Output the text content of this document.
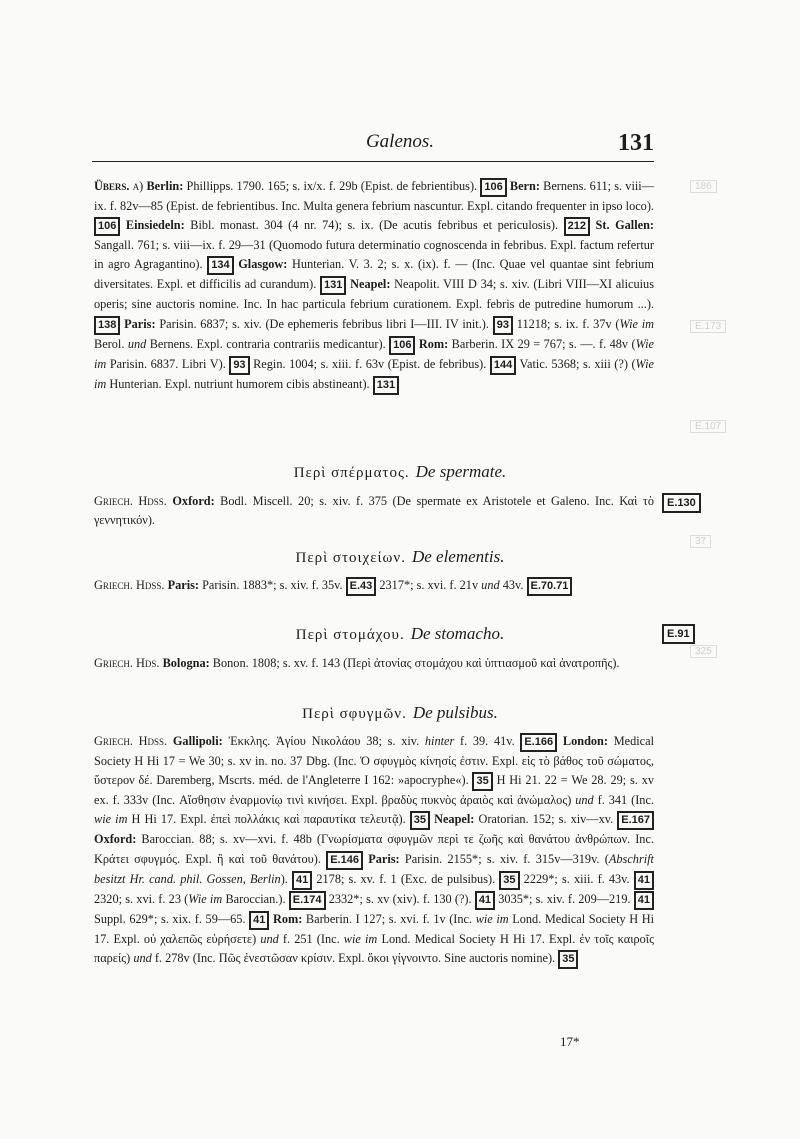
186
E.173
E.107
37
325
Galenos.	131
Übers. a) Berlin: Phillipps. 1790. 165; s. ix/x. f. 29b (Epist. de febrientibus). 106 Bern: Bernens. 611; s. viii—ix. f. 82v—85 (Epist. de febrientibus. Inc. Multa genera febrium nascuntur. Expl. citando frequenter in ipso loco). 106 Einsiedeln: Bibl. monast. 304 (4 nr. 74); s. ix. (De acutis febribus et periculosis). 212 St. Gallen: Sangall. 761; s. viii—ix. f. 29—31 (Quomodo futura determinatio cognoscenda in febribus. Expl. factum refertur in agro Agragantino). 134 Glasgow: Hunterian. V. 3. 2; s. x. (ix). f. — (Inc. Quae vel quantae sint febrium diversitates. Expl. et difficilis ad curandum). 131 Neapel: Neapolit. VIII D 34; s. xiv. (Libri VIII—XI alicuius operis; sine auctoris nomine. Inc. In hac particula febrium curationem. Expl. febris de putredine humorum ...). 138 Paris: Parisin. 6837; s. xiv. (De ephemeris febribus libri I—III. IV init.). 93 11218; s. ix. f. 37v (Wie im Berol. und Bernens. Expl. contraria contrariis medicantur). 106 Rom: Barberin. IX 29 = 767; s. —. f. 48v (Wie im Parisin. 6837. Libri V). 93 Regin. 1004; s. xiii. f. 63v (Epist. de febribus). 144 Vatic. 5368; s. xiii (?) (Wie im Hunterian. Expl. nutriunt humorem cibis abstineant). 131
Περὶ σπέρματος. De spermate.
Griech. Hdss. Oxford: Bodl. Miscell. 20; s. xiv. f. 375 (De spermate ex Aristotele et Galeno. Inc. Καὶ τὸ γεννητικόν).
E.130
Περὶ στοιχείων. De elementis.
Griech. Hdss. Paris: Parisin. 1883*; s. xiv. f. 35v. E.43 2317*; s. xvi. f. 21v und 43v. E.70.71
Περὶ στομάχου. De stomacho.	E.91
Griech. Hds. Bologna: Bonon. 1808; s. xv. f. 143 (Περὶ ἀτονίας στομάχου καὶ ὑπτιασμοῦ καὶ ἀνατροπῆς).
Περὶ σφυγμῶν. De pulsibus.
Griech. Hdss. Gallipoli: Ἐκκλης. Ἁγίου Νικολάου 38; s. xiv. hinter f. 39. 41v. E.166 London: Medical Society H Hi 17 = We 30; s. xv in. no. 37 Dbg. (Inc. Ὁ σφυγμὸς κίνησίς ἐστιν. Expl. εἰς τὸ βάθος τοῦ σώματος, ὕστερον δέ. Daremberg, Mscrts. méd. de l'Angleterre I 162: »apocryphe«). 35 H Hi 21. 22 = We 28. 29; s. xv ex. f. 333v (Inc. Αἴσθησιν ἐναρμονίῳ τινὶ κινήσει. Expl. βραδὺς πυκνὸς ἀραιὸς καὶ ἀνώμαλος) und f. 341 (Inc. wie im H Hi 17. Expl. ἐπεὶ πολλάκις καὶ παραυτίκα τελευτᾷ). 35 Neapel: Oratorian. 152; s. xiv—xv. E.167 Oxford: Baroccian. 88; s. xv—xvi. f. 48b (Γνωρίσματα σφυγμῶν περὶ τε ζωῆς καὶ θανάτου ἀνθρώπων. Inc. Κράτει σφυγμός. Expl. ἢ καὶ τοῦ θανάτου). E.146 Paris: Parisin. 2155*; s. xiv. f. 315v—319v. (Abschrift besitzt Hr. cand. phil. Gossen, Berlin). 41 2178; s. xv. f. 1 (Exc. de pulsibus). 35 2229*; s. xiii. f. 43v. 41 2320; s. xvi. f. 23 (Wie im Baroccian.). E.174 2332*; s. xv (xiv). f. 130 (?). 41 3035*; s. xiv. f. 209—219. 41 Suppl. 629*; s. xix. f. 59—65. 41 Rom: Barberin. I 127; s. xvi. f. 1v (Inc. wie im Lond. Medical Society H Hi 17. Expl. οὐ χαλεπῶς εὑρήσετε) und f. 251 (Inc. wie im Lond. Medical Society H Hi 17. Expl. ἐν τοῖς καιροῖς παρείς) und f. 278v (Inc. Πῶς ἐνεστῶσαν κρίσιν. Expl. ὅκοι γίγνοιντο. Sine auctoris nomine). 35
17*
